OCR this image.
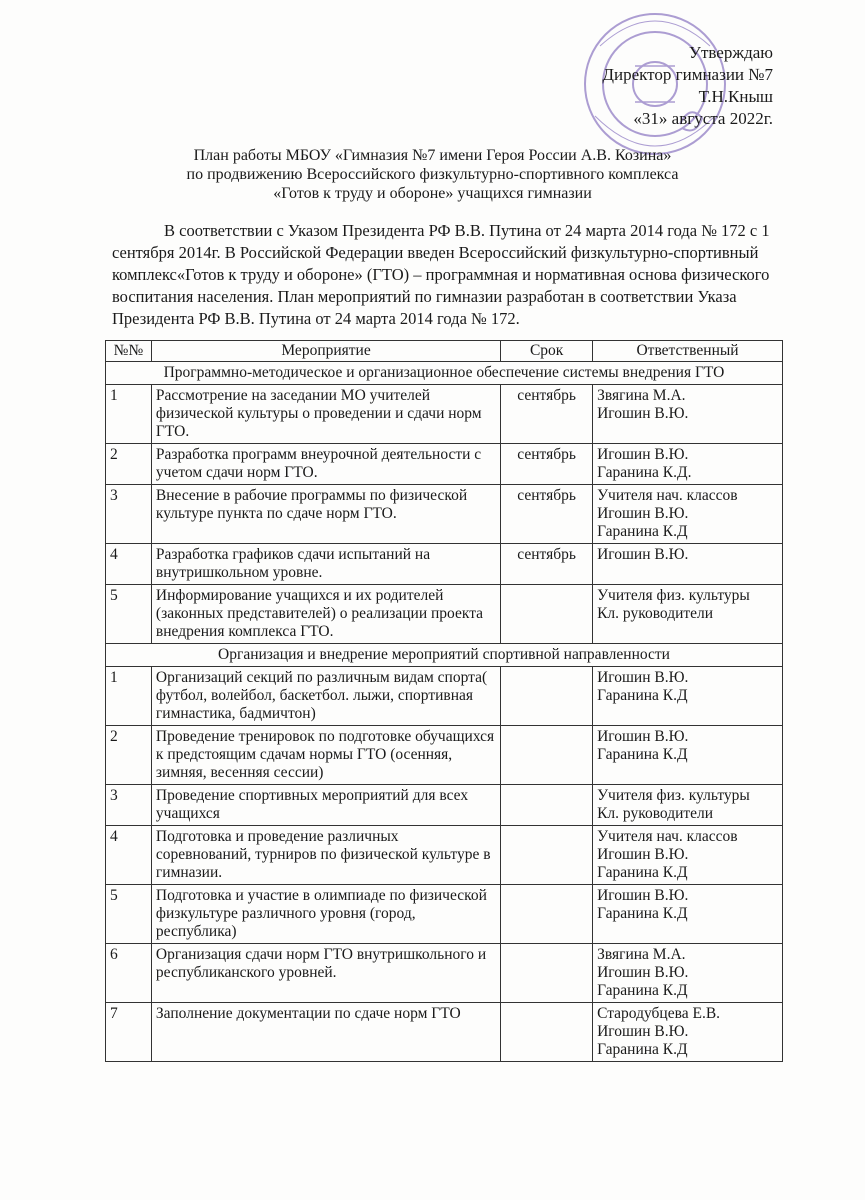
Утверждаю
Директор гимназии №7
Т.Н.Кныш
«31» августа 2022г.
План работы МБОУ «Гимназия №7 имени Героя России А.В. Козина»
по продвижению Всероссийского физкультурно-спортивного комплекса
«Готов к труду и обороне» учащихся гимназии

В соответствии с Указом Президента РФ В.В. Путина от 24 марта 2014 года № 172 с 1 сентября 2014г. В Российской Федерации введен Всероссийский физкультурно-спортивный комплекс«Готов к труду и обороне» (ГТО) – программная и нормативная основа физического воспитания населения. План мероприятий по гимназии разработан в соответствии Указа Президента РФ В.В. Путина от 24 марта 2014 года № 172.

№№	Мероприятие	Срок	Ответственный
Программно-методическое и организационное обеспечение системы внедрения ГТО			
1	Рассмотрение на заседании МО учителей физической культуры о проведении и сдачи норм ГТО.	сентябрь	Звягина М.А.
Игошин В.Ю.

2	Разработка программ внеурочной деятельности с учетом сдачи норм ГТО.	сентябрь	Игошин В.Ю.
Гаранина К.Д.

3	Внесение в рабочие программы по физической культуре пункта по сдаче норм ГТО.	сентябрь	Учителя нач. классов
Игошин В.Ю.
Гаранина К.Д

4	Разработка графиков сдачи испытаний на внутришкольном уровне.	сентябрь	Игошин В.Ю.

5	Информирование учащихся и их родителей (законных представителей) о реализации проекта внедрения комплекса ГТО.		Учителя физ. культуры
Кл. руководители

Организация и внедрение мероприятий спортивной направленности			
1	Организаций секций по различным видам спорта( футбол, волейбол, баскетбол. лыжи, спортивная гимнастика, бадмичтон)		Игошин В.Ю.
Гаранина К.Д

2	Проведение тренировок по подготовке обучащихся к предстоящим сдачам нормы ГТО (осенняя, зимняя, весенняя сессии)		Игошин В.Ю.
Гаранина К.Д

3	Проведение спортивных мероприятий для всех учащихся		Учителя физ. культуры
Кл. руководители

4	Подготовка и проведение различных соревнований, турниров по физической культуре в гимназии.		Учителя нач. классов
Игошин В.Ю.
Гаранина К.Д

5	Подготовка и участие в олимпиаде по физической физкультуре различного уровня (город, республика)		Игошин В.Ю.
Гаранина К.Д

6	Организация сдачи норм ГТО внутришкольного и республиканского уровней.		Звягина М.А.
Игошин В.Ю.
Гаранина К.Д

7	Заполнение документации по сдаче норм ГТО		Стародубцева Е.В.
Игошин В.Ю.
Гаранина К.Д
